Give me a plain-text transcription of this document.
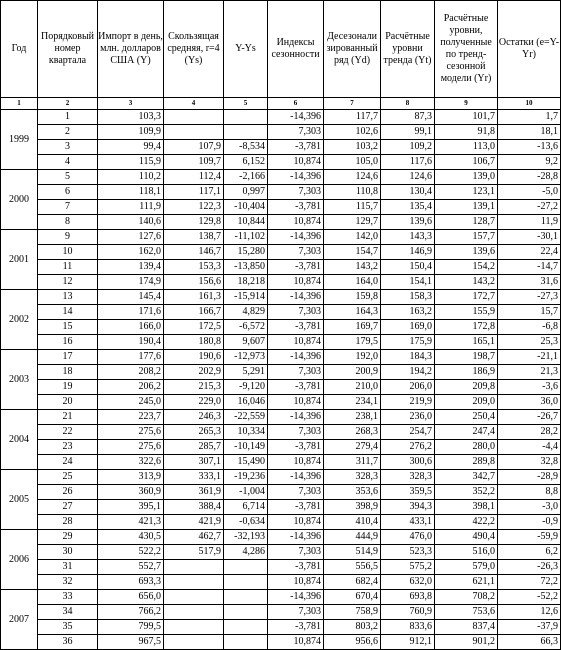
Год	Порядковый номер квартала	Импорт в день, млн. долларов США (Y)	Скользящая средняя, r=4 (Ys)	Y-Ys	Индексы сезонности	Десезонали зированный ряд (Yd)	Расчётные уровни тренда (Yt)	Расчётные уровни, полученные по тренд-сезонной модели (Yr)	Остатки (e=Y-Yr)
1	2	3	4	5	6	7	8	9	10
1999	1	103,3			-14,396	117,7	87,3	101,7	1,7
	2	109,9			7,303	102,6	99,1	91,8	18,1
	3	99,4	107,9	-8,534	-3,781	103,2	109,2	113,0	-13,6
	4	115,9	109,7	6,152	10,874	105,0	117,6	106,7	9,2
2000	5	110,2	112,4	-2,166	-14,396	124,6	124,6	139,0	-28,8
	6	118,1	117,1	0,997	7,303	110,8	130,4	123,1	-5,0
	7	111,9	122,3	-10,404	-3,781	115,7	135,4	139,1	-27,2
	8	140,6	129,8	10,844	10,874	129,7	139,6	128,7	11,9
2001	9	127,6	138,7	-11,102	-14,396	142,0	143,3	157,7	-30,1
	10	162,0	146,7	15,280	7,303	154,7	146,9	139,6	22,4
	11	139,4	153,3	-13,850	-3,781	143,2	150,4	154,2	-14,7
	12	174,9	156,6	18,218	10,874	164,0	154,1	143,2	31,6
2002	13	145,4	161,3	-15,914	-14,396	159,8	158,3	172,7	-27,3
	14	171,6	166,7	4,829	7,303	164,3	163,2	155,9	15,7
	15	166,0	172,5	-6,572	-3,781	169,7	169,0	172,8	-6,8
	16	190,4	180,8	9,607	10,874	179,5	175,9	165,1	25,3
2003	17	177,6	190,6	-12,973	-14,396	192,0	184,3	198,7	-21,1
	18	208,2	202,9	5,291	7,303	200,9	194,2	186,9	21,3
	19	206,2	215,3	-9,120	-3,781	210,0	206,0	209,8	-3,6
	20	245,0	229,0	16,046	10,874	234,1	219,9	209,0	36,0
2004	21	223,7	246,3	-22,559	-14,396	238,1	236,0	250,4	-26,7
	22	275,6	265,3	10,334	7,303	268,3	254,7	247,4	28,2
	23	275,6	285,7	-10,149	-3,781	279,4	276,2	280,0	-4,4
	24	322,6	307,1	15,490	10,874	311,7	300,6	289,8	32,8
2005	25	313,9	333,1	-19,236	-14,396	328,3	328,3	342,7	-28,9
	26	360,9	361,9	-1,004	7,303	353,6	359,5	352,2	8,8
	27	395,1	388,4	6,714	-3,781	398,9	394,3	398,1	-3,0
	28	421,3	421,9	-0,634	10,874	410,4	433,1	422,2	-0,9
2006	29	430,5	462,7	-32,193	-14,396	444,9	476,0	490,4	-59,9
	30	522,2	517,9	4,286	7,303	514,9	523,3	516,0	6,2
	31	552,7			-3,781	556,5	575,2	579,0	-26,3
	32	693,3			10,874	682,4	632,0	621,1	72,2
2007	33	656,0			-14,396	670,4	693,8	708,2	-52,2
	34	766,2			7,303	758,9	760,9	753,6	12,6
	35	799,5			-3,781	803,2	833,6	837,4	-37,9
	36	967,5			10,874	956,6	912,1	901,2	66,3
